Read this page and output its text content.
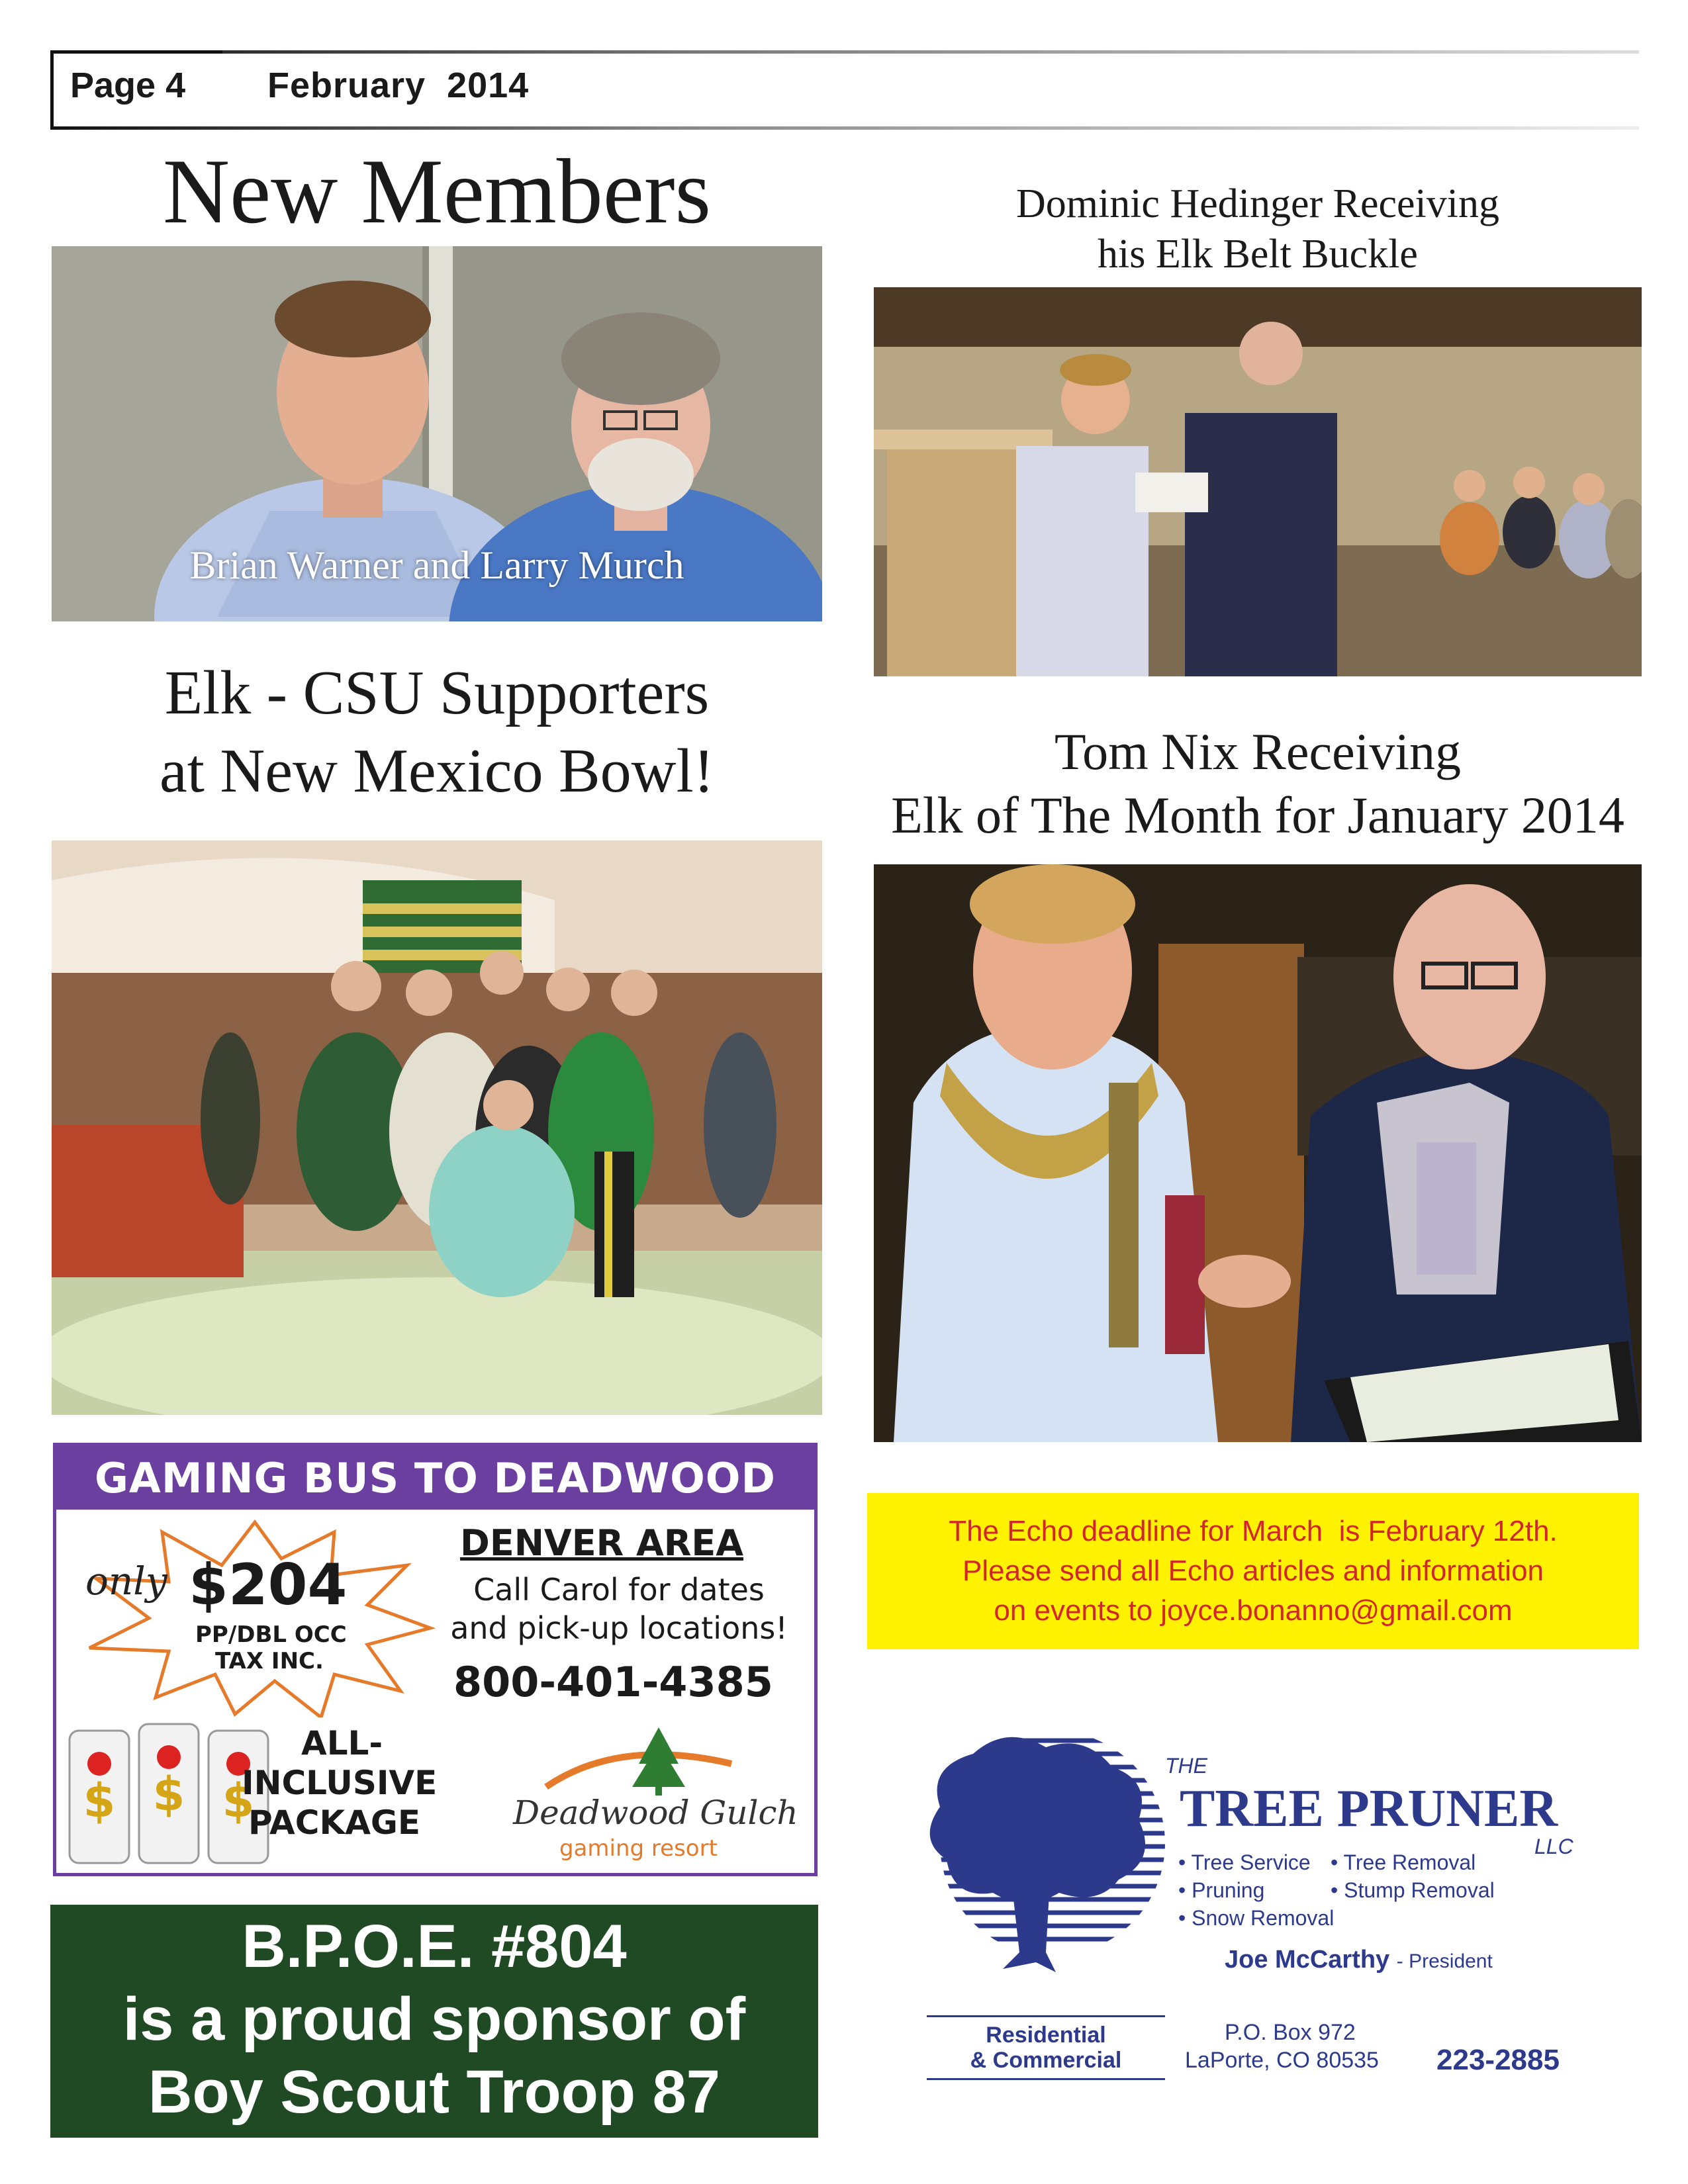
Page 4 February  2014
New Members
Brian Warner and Larry Murch
Dominic Hedinger Receiving
his Elk Belt Buckle
Elk - CSU Supporters
at New Mexico Bowl!	Tom Nix Receiving
Elk of The Month for January 2014
GAMING BUS TO DEADWOOD
only $204
PP/DBL OCC
TAX INC.
DENVER AREA
Call Carol for dates
and pick-up locations!
800-401-4385
$ $ $
ALL-
INCLUSIVE
PACKAGE	Deadwood Gulch
gaming resort
B.P.O.E. #804
is a proud sponsor of
Boy Scout Troop 87
The Echo deadline for March  is February 12th.
Please send all Echo articles and information
on events to joyce.bonanno@gmail.com
THE
TREE PRUNER
LLC
• Tree Service • Tree Removal
• Pruning	• Stump Removal
• Snow Removal
Joe McCarthy - President
Residential
& Commercial
P.O. Box 972
LaPorte, CO 80535 223-2885
